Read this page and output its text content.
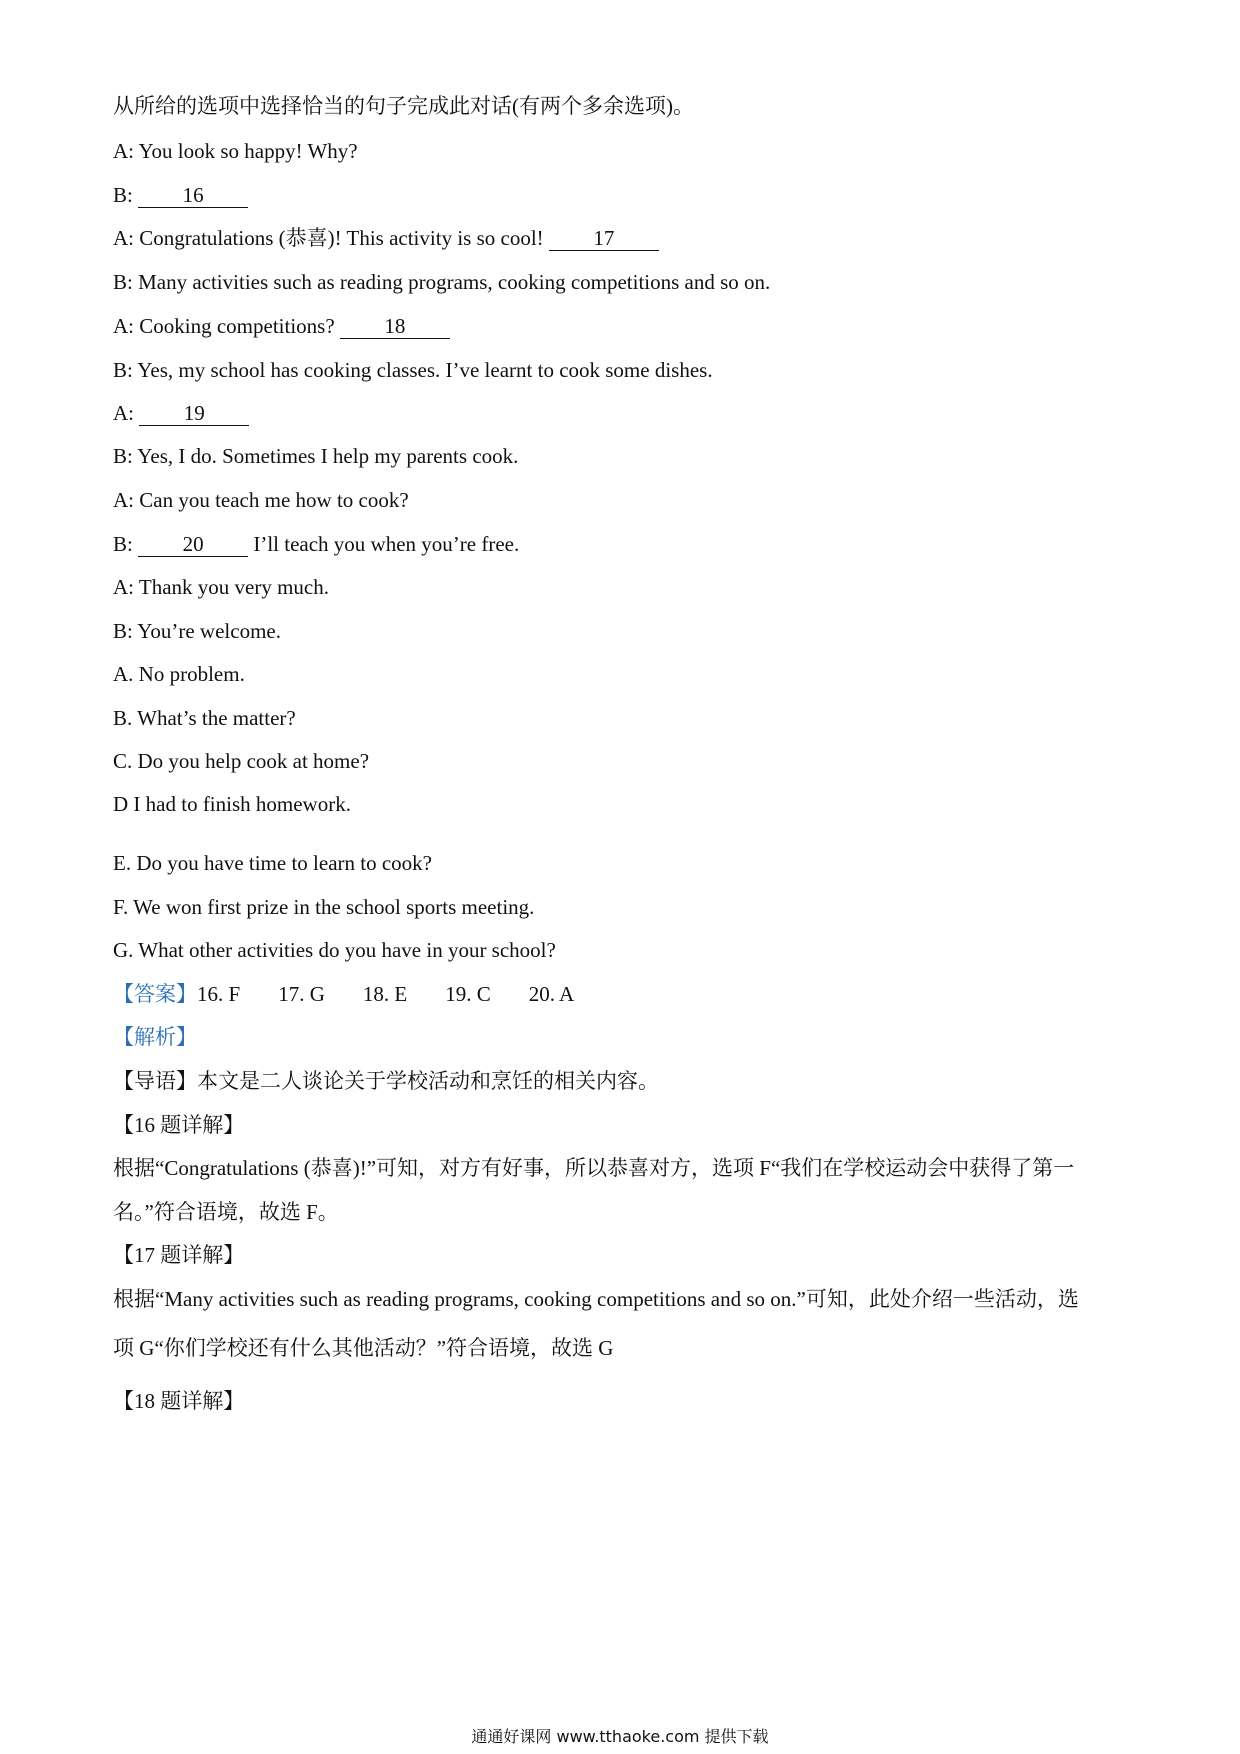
从所给的选项中选择恰当的句子完成此对话(有两个多余选项)。
A: You look so happy! Why?
B: 16
A: Congratulations (恭喜)! This activity is so cool! 17
B: Many activities such as reading programs, cooking competitions and so on.
A: Cooking competitions? 18
B: Yes, my school has cooking classes. I’ve learnt to cook some dishes.
A: 19
B: Yes, I do. Sometimes I help my parents cook.
A: Can you teach me how to cook?
B: 20 I’ll teach you when you’re free.
A: Thank you very much.
B: You’re welcome.
A. No problem.
B. What’s the matter?
C. Do you help cook at home?
D I had to finish homework.
E. Do you have time to learn to cook?
F. We won first prize in the school sports meeting.
G. What other activities do you have in your school?
【答案】16. F 17. G 18. E 19. C 20. A
【解析】
【导语】本文是二人谈论关于学校活动和烹饪的相关内容。
【16 题详解】
根据“Congratulations (恭喜)!”可知，对方有好事，所以恭喜对方，选项 F“我们在学校运动会中获得了第一
名。”符合语境，故选 F。
【17 题详解】
根据“Many activities such as reading programs, cooking competitions and so on.”可知，此处介绍一些活动，选
项 G“你们学校还有什么其他活动？”符合语境，故选 G
【18 题详解】
通通好课网 www.tthaoke.com 提供下载
